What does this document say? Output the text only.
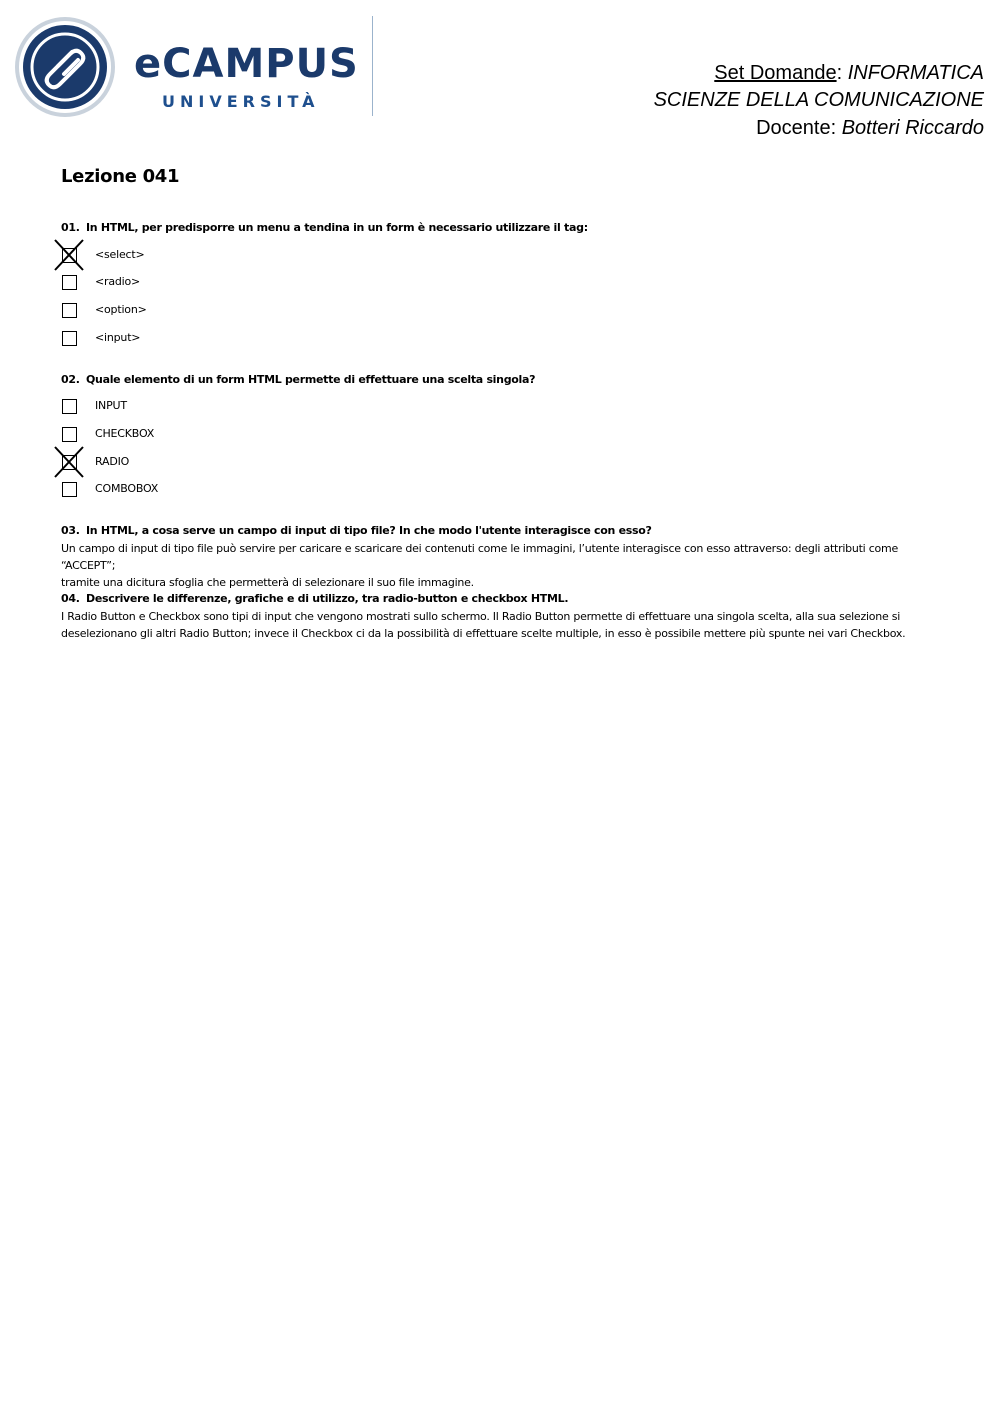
eCAMPUS
UNIVERSITÀ
Set Domande: INFORMATICA
SCIENZE DELLA COMUNICAZIONE
Docente: Botteri Riccardo
Lezione 041
01. In HTML, per predisporre un menu a tendina in un form è necessario utilizzare il tag:
<select>
<radio>
<option>
<input>
02. Quale elemento di un form HTML permette di effettuare una scelta singola?
INPUT
CHECKBOX
RADIO
COMBOBOX
03. In HTML, a cosa serve un campo di input di tipo file? In che modo l'utente interagisce con esso?
Un campo di input di tipo file può servire per caricare e scaricare dei contenuti come le immagini, l’utente interagisce con esso attraverso: degli attributi come “ACCEPT”;
tramite una dicitura sfoglia che permetterà di selezionare il suo file immagine.
04. Descrivere le differenze, grafiche e di utilizzo, tra radio-button e checkbox HTML.
I Radio Button e Checkbox sono tipi di input che vengono mostrati sullo schermo. Il Radio Button permette di effettuare una singola scelta, alla sua selezione si
deselezionano gli altri Radio Button; invece il Checkbox ci da la possibilità di effettuare scelte multiple, in esso è possibile mettere più spunte nei vari Checkbox.
